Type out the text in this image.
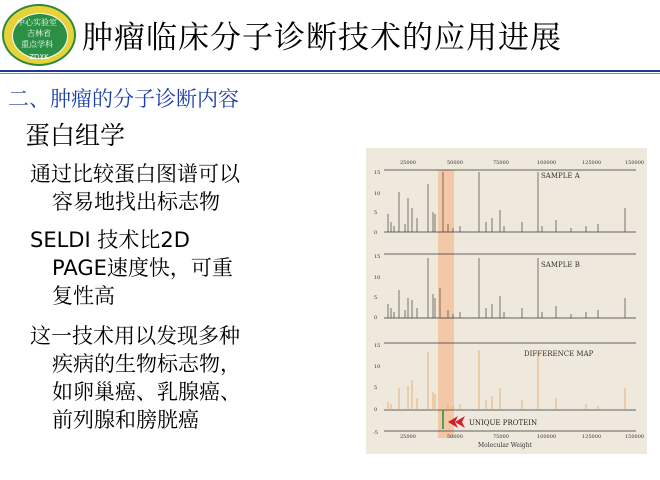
中心实验室
吉林省
重点学科
ZDXK
肿瘤临床分子诊断技术的应用进展
二、肿瘤的分子诊断内容
蛋白组学
通过比较蛋白图谱可以
容易地找出标志物
SELDI 技术比2D
PAGE速度快，可重
复性高
这一技术用以发现多种
疾病的生物标志物，
如卵巢癌、乳腺癌、
前列腺和膀胱癌
25000	50000	75000	100000	125000	150000
15
10
5
0
SAMPLE A
15
10
5
0
SAMPLE B
15
10
5
0
-5
DIFFERENCE MAP
UNIQUE PROTEIN
25000	50000	75000	100000	125000	150000
Molecular Weight
